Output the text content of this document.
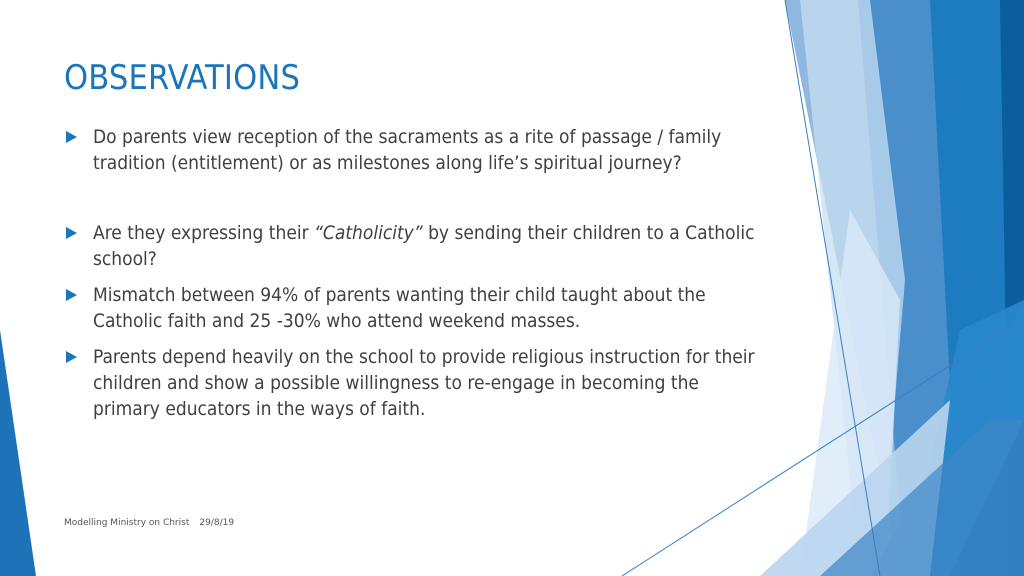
OBSERVATIONS
Do parents view reception of the sacraments as a rite of passage / family tradition (entitlement) or as milestones along life’s spiritual journey?
Are they expressing their “Catholicity” by sending their children to a Catholic school?
Mismatch between 94% of parents wanting their child taught about the Catholic faith and 25 -30% who attend weekend masses.
Parents depend heavily on the school to provide religious instruction for their children and show a possible willingness to re-engage in becoming the primary educators in the ways of faith.
Modelling Ministry on Christ 29/8/19
